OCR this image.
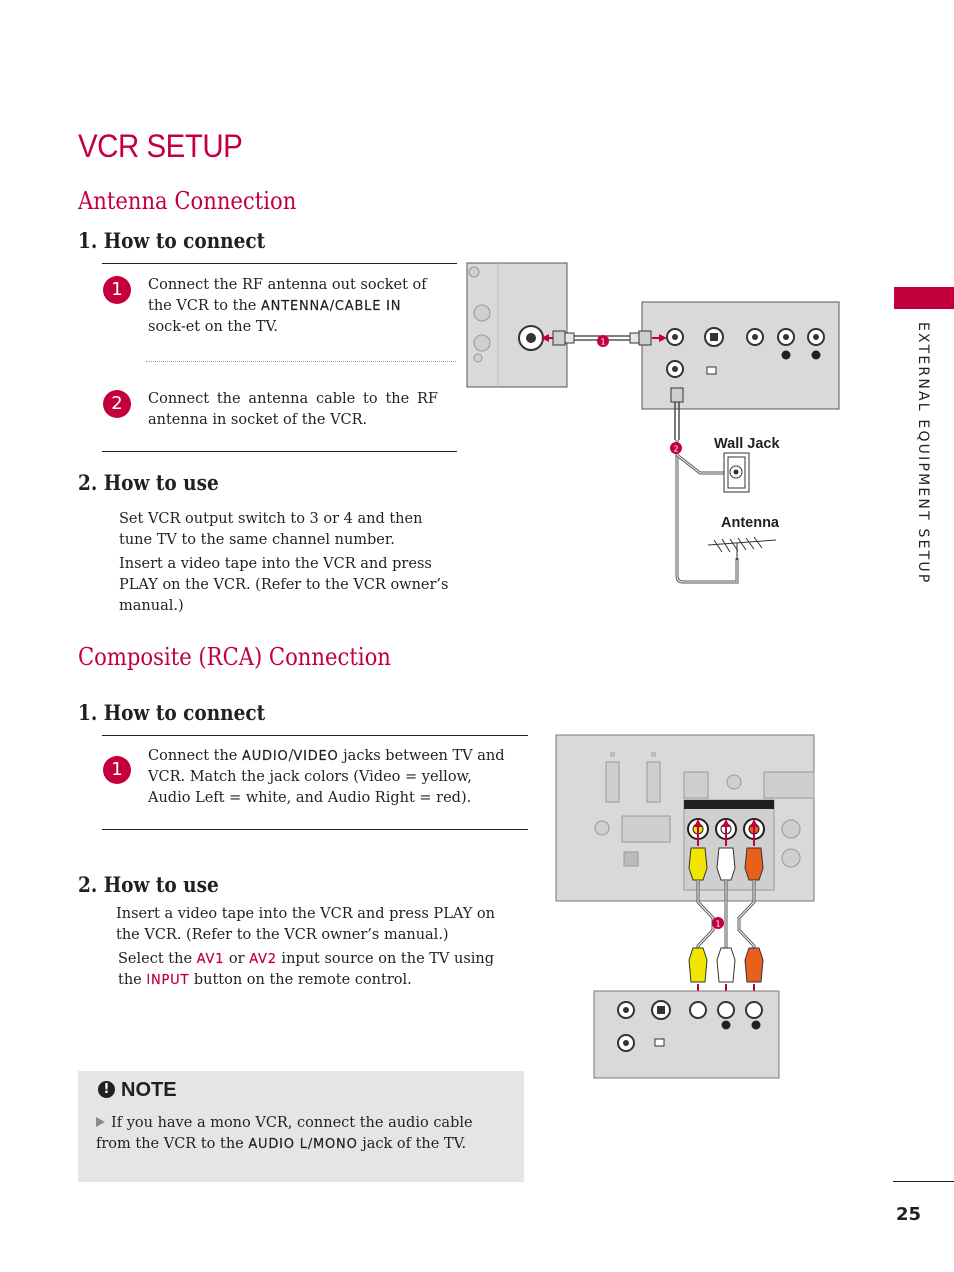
VCR SETUP
EXTERNAL EQUIPMENT SETUP
Antenna Connection
1. How to connect
1	Connect the RF antenna out socket of the VCR to the ANTENNA/CABLE IN sock-et on the TV.
2	Connect the antenna cable to the RF antenna in socket of the VCR.
2. How to use

Set VCR output switch to 3 or 4 and then tune TV to the same channel number.

Insert a video tape into the VCR and press PLAY on the VCR. (Refer to the VCR owner’s manual.)

1
2 Wall Jack
Antenna
Composite (RCA) Connection
1. How to connect
1
Connect the AUDIO/VIDEO jacks between TV and VCR. Match the jack colors (Video = yellow, Audio Left = white, and Audio Right = red).
2. How to use

Insert a video tape into the VCR and press PLAY on the VCR. (Refer to the VCR owner’s manual.)

Select the AV1 or AV2 input source on the TV using the INPUT button on the remote control.

1
! NOTE
If you have a mono VCR, connect the audio cable from the VCR to the AUDIO L/MONO jack of the TV.
25
